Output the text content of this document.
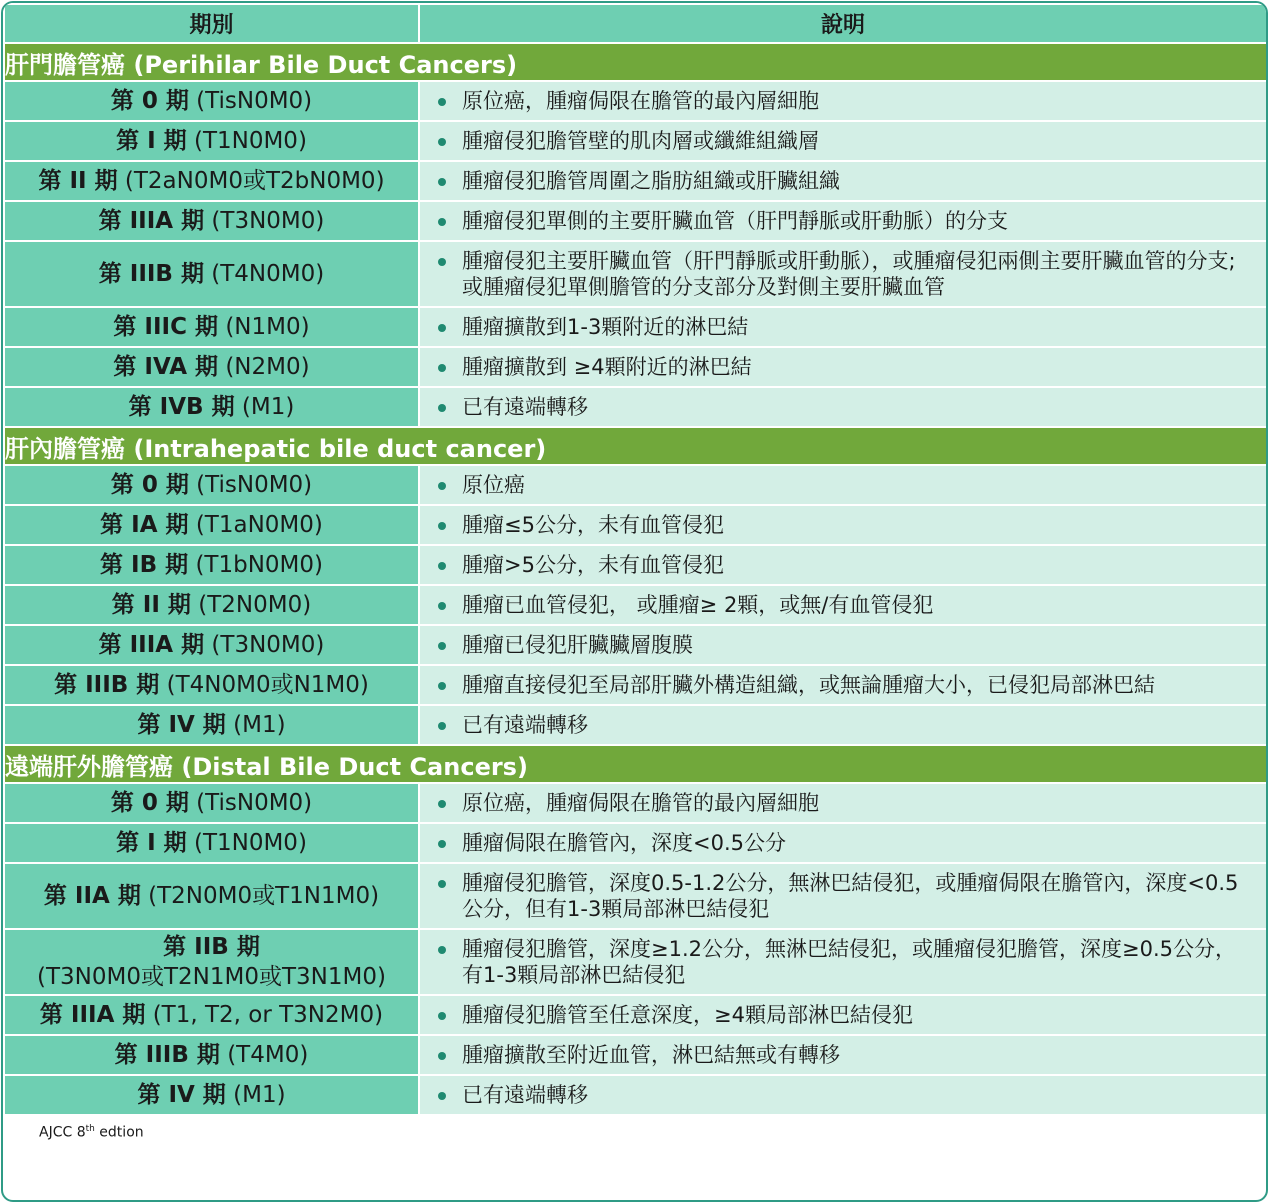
期別	說明
肝門膽管癌 (Perihilar Bile Duct Cancers)	
第 0 期 (TisN0M0)	原位癌，腫瘤侷限在膽管的最內層細胞

第 I 期 (T1N0M0)	腫瘤侵犯膽管壁的肌肉層或纖維組織層

第 II 期 (T2aN0M0或T2bN0M0)	腫瘤侵犯膽管周圍之脂肪組織或肝臟組織

第 IIIA 期 (T3N0M0)	腫瘤侵犯單側的主要肝臟血管（肝門靜脈或肝動脈）的分支

第 IIIB 期 (T4N0M0)	腫瘤侵犯主要肝臟血管（肝門靜脈或肝動脈），或腫瘤侵犯兩側主要肝臟血管的分支; 或腫瘤侵犯單側膽管的分支部分及對側主要肝臟血管

第 IIIC 期 (N1M0)	腫瘤擴散到1-3顆附近的淋巴結

第 IVA 期 (N2M0)	腫瘤擴散到 ≥4顆附近的淋巴結

第 IVB 期 (M1)	已有遠端轉移

肝內膽管癌 (Intrahepatic bile duct cancer)	
第 0 期 (TisN0M0)	原位癌

第 IA 期 (T1aN0M0)	腫瘤≤5公分，未有血管侵犯

第 IB 期 (T1bN0M0)	腫瘤>5公分，未有血管侵犯

第 II 期 (T2N0M0)	腫瘤已血管侵犯， 或腫瘤≥ 2顆，或無/有血管侵犯

第 IIIA 期 (T3N0M0)	腫瘤已侵犯肝臟臟層腹膜

第 IIIB 期 (T4N0M0或N1M0)	腫瘤直接侵犯至局部肝臟外構造組織，或無論腫瘤大小，已侵犯局部淋巴結

第 IV 期 (M1)	已有遠端轉移

遠端肝外膽管癌 (Distal Bile Duct Cancers)	
第 0 期 (TisN0M0)	原位癌，腫瘤侷限在膽管的最內層細胞

第 I 期 (T1N0M0)	腫瘤侷限在膽管內，深度<0.5公分

第 IIA 期 (T2N0M0或T1N1M0)	腫瘤侵犯膽管，深度0.5-1.2公分，無淋巴結侵犯，或腫瘤侷限在膽管內，深度<0.5公分，但有1-3顆局部淋巴結侵犯

第 IIB 期
(T3N0M0或T2N1M0或T3N1M0)	腫瘤侵犯膽管，深度≥1.2公分，無淋巴結侵犯，或腫瘤侵犯膽管，深度≥0.5公分，有1-3顆局部淋巴結侵犯

第 IIIA 期 (T1, T2, or T3N2M0)	腫瘤侵犯膽管至任意深度，≥4顆局部淋巴結侵犯

第 IIIB 期 (T4M0)	腫瘤擴散至附近血管，淋巴結無或有轉移

第 IV 期 (M1)	已有遠端轉移

AJCC 8th edtion	
